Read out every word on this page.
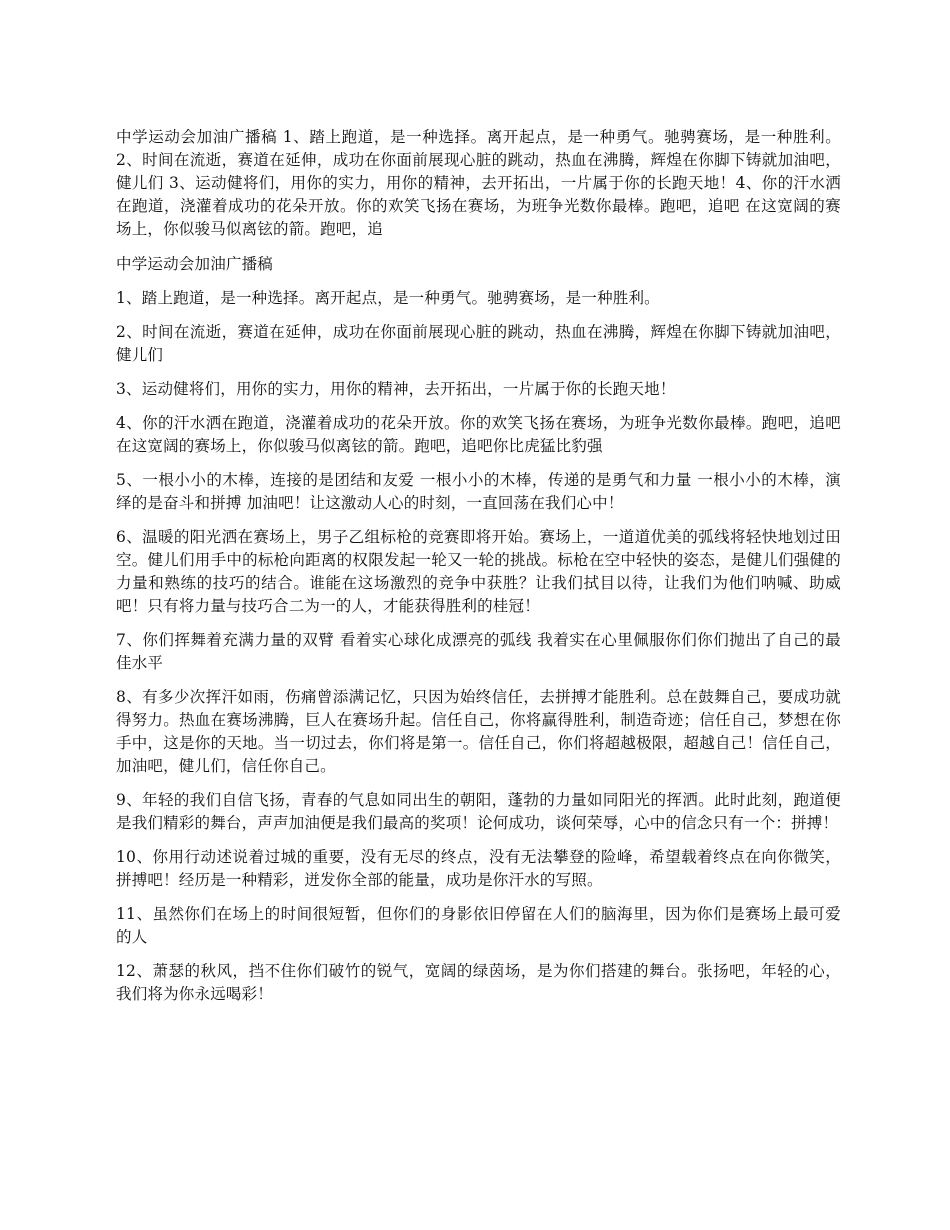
中学运动会加油广播稿 1、踏上跑道，是一种选择。离开起点，是一种勇气。驰骋赛场，是一种胜利。2、时间在流逝，赛道在延伸，成功在你面前展现心脏的跳动，热血在沸腾，辉煌在你脚下铸就加油吧，健儿们 3、运动健将们，用你的实力，用你的精神，去开拓出，一片属于你的长跑天地！4、你的汗水洒在跑道，浇灌着成功的花朵开放。你的欢笑飞扬在赛场，为班争光数你最棒。跑吧，追吧 在这宽阔的赛场上，你似骏马似离铉的箭。跑吧，追

中学运动会加油广播稿

1、踏上跑道，是一种选择。离开起点，是一种勇气。驰骋赛场，是一种胜利。

2、时间在流逝，赛道在延伸，成功在你面前展现心脏的跳动，热血在沸腾，辉煌在你脚下铸就加油吧，健儿们

3、运动健将们，用你的实力，用你的精神，去开拓出，一片属于你的长跑天地！

4、你的汗水洒在跑道，浇灌着成功的花朵开放。你的欢笑飞扬在赛场，为班争光数你最棒。跑吧，追吧 在这宽阔的赛场上，你似骏马似离铉的箭。跑吧，追吧你比虎猛比豹强

5、一根小小的木棒，连接的是团结和友爱 一根小小的木棒，传递的是勇气和力量 一根小小的木棒，演绎的是奋斗和拼搏 加油吧！让这激动人心的时刻，一直回荡在我们心中！

6、温暖的阳光洒在赛场上，男子乙组标枪的竞赛即将开始。赛场上，一道道优美的弧线将轻快地划过田空。健儿们用手中的标枪向距离的权限发起一轮又一轮的挑战。标枪在空中轻快的姿态，是健儿们强健的力量和熟练的技巧的结合。谁能在这场激烈的竞争中获胜？让我们拭目以待，让我们为他们呐喊、助威吧！只有将力量与技巧合二为一的人，才能获得胜利的桂冠！

7、你们挥舞着充满力量的双臂 看着实心球化成漂亮的弧线 我着实在心里佩服你们你们抛出了自己的最佳水平

8、有多少次挥汗如雨，伤痛曾添满记忆，只因为始终信任，去拼搏才能胜利。总在鼓舞自己，要成功就得努力。热血在赛场沸腾，巨人在赛场升起。信任自己，你将赢得胜利，制造奇迹；信任自己，梦想在你手中，这是你的天地。当一切过去，你们将是第一。信任自己，你们将超越极限，超越自己！信任自己，加油吧，健儿们，信任你自己。

9、年轻的我们自信飞扬，青春的气息如同出生的朝阳，蓬勃的力量如同阳光的挥洒。此时此刻，跑道便是我们精彩的舞台，声声加油便是我们最高的奖项！论何成功，谈何荣辱，心中的信念只有一个：拼搏！

10、你用行动述说着过城的重要，没有无尽的终点，没有无法攀登的险峰，希望载着终点在向你微笑，拼搏吧！经历是一种精彩，迸发你全部的能量，成功是你汗水的写照。

11、虽然你们在场上的时间很短暂，但你们的身影依旧停留在人们的脑海里，因为你们是赛场上最可爱的人

12、萧瑟的秋风，挡不住你们破竹的锐气，宽阔的绿茵场，是为你们搭建的舞台。张扬吧，年轻的心，我们将为你永远喝彩！
